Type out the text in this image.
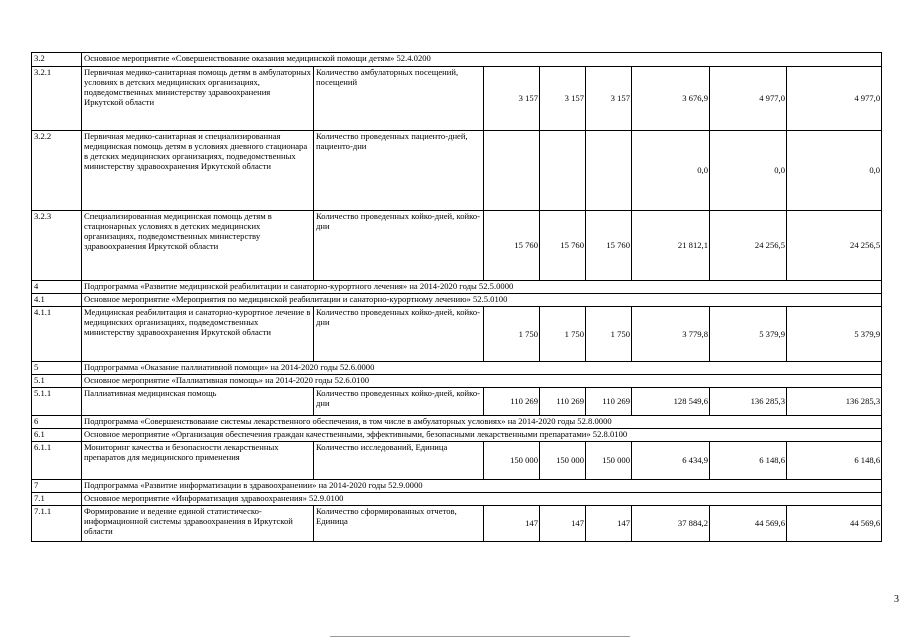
3.2	Основное мероприятие «Совершенствование оказания медицинской помощи детям» 52.4.0200							
3.2.1	Первичная медико-санитарная помощь детям в амбулаторных условиях в детских медицинских организациях, подведомственных министерству здравоохранения Иркутской области	Количество амбулаторных посещений, посещений	3 157	3 157	3 157	3 676,9	4 977,0	4 977,0
3.2.2	Первичная медико-санитарная и специализированная медицинская помощь детям в условиях дневного стационара в детских медицинских организациях, подведомственных министерству здравоохранения Иркутской области	Количество проведенных пациенто-дней, пациенто-дни				0,0	0,0	0,0
3.2.3	Специализированная медицинская помощь детям в стационарных условиях в детских медицинских организациях, подведомственных министерству здравоохранения Иркутской области	Количество проведенных койко-дней, койко-дни	15 760	15 760	15 760	21 812,1	24 256,5	24 256,5
4	Подпрограмма «Развитие медицинской реабилитации и санаторно-курортного лечения» на 2014-2020 годы 52.5.0000							
4.1	Основное мероприятие «Мероприятия по медицинской реабилитации и санаторно-курортному лечению» 52.5.0100							
4.1.1	Медицинская реабилитация и санаторно-курортное лечение в медицинских организациях, подведомственных министерству здравоохранения Иркутской области	Количество проведенных койко-дней, койко-дни	1 750	1 750	1 750	3 779,8	5 379,9	5 379,9
5	Подпрограмма «Оказание паллиативной помощи» на 2014-2020 годы 52.6.0000							
5.1	Основное мероприятие «Паллиативная помощь» на 2014-2020 годы 52.6.0100							
5.1.1	Паллиативная медицинская помощь	Количество проведенных койко-дней, койко-дни	110 269	110 269	110 269	128 549,6	136 285,3	136 285,3
6	Подпрограмма «Совершенствование системы лекарственного обеспечения, в том числе в амбулаторных условиях» на 2014-2020 годы 52.8.0000							
6.1	Основное мероприятие «Организация обеспечения граждан качественными, эффективными, безопасными лекарственными препаратами» 52.8.0100							
6.1.1	Мониторинг качества и безопасности лекарственных препаратов для медицинского применения	Количество исследований, Единица	150 000	150 000	150 000	6 434,9	6 148,6	6 148,6
7	Подпрограмма «Развитие информатизации в здравоохранении» на 2014-2020 годы 52.9.0000							
7.1	Основное мероприятие «Информатизация здравоохранения» 52.9.0100							
7.1.1	Формирование и ведение единой статистическо-информационной системы здравоохранения в Иркутской области	Количество сформированных отчетов, Единица	147	147	147	37 884,2	44 569,6	44 569,6
3
